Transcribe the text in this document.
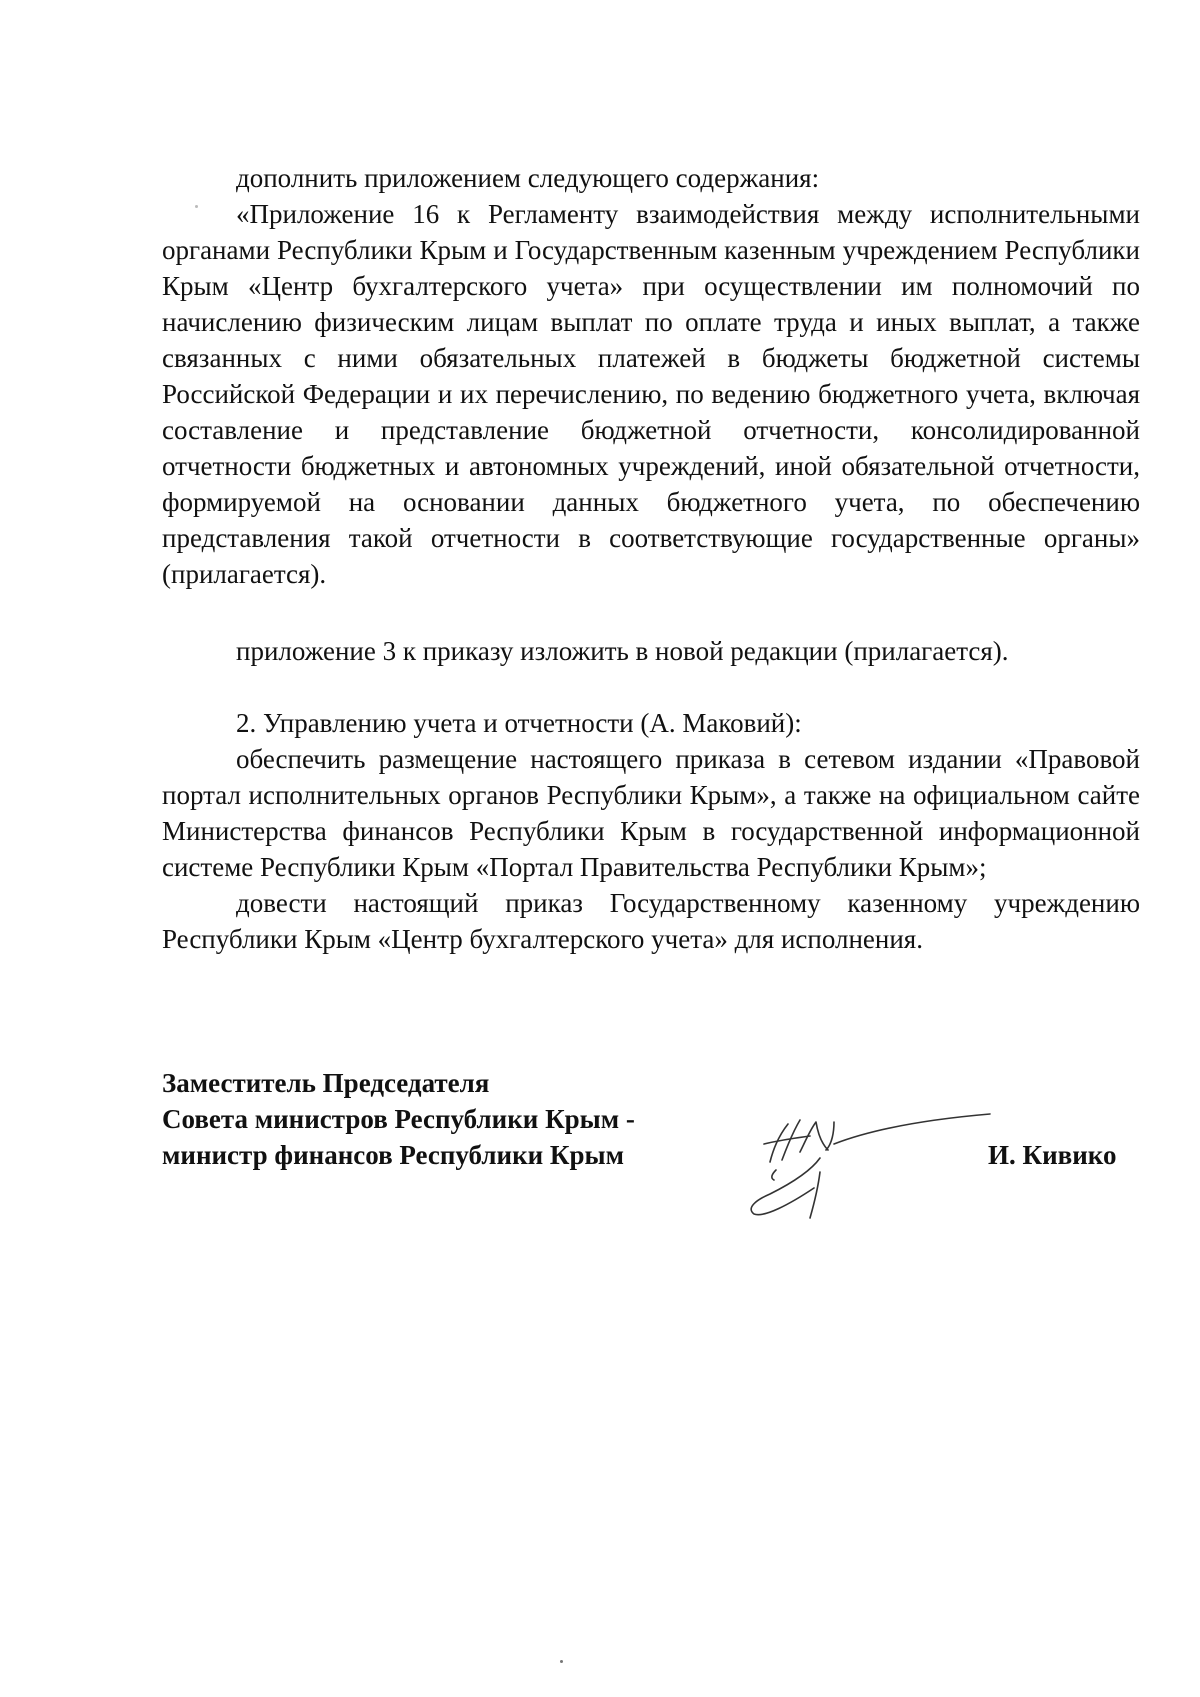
дополнить приложением следующего содержания:

«Приложение 16 к Регламенту взаимодействия между исполнительными органами Республики Крым и Государственным казенным учреждением Республики Крым «Центр бухгалтерского учета» при осуществлении им полномочий по начислению физическим лицам выплат по оплате труда и иных выплат, а также связанных с ними обязательных платежей в бюджеты бюджетной системы Российской Федерации и их перечислению, по ведению бюджетного учета, включая составление и представление бюджетной отчетности, консолидированной отчетности бюджетных и автономных учреждений, иной обязательной отчетности, формируемой на основании данных бюджетного учета, по обеспечению представления такой отчетности в соответствующие государственные органы» (прилагается).

приложение 3 к приказу изложить в новой редакции (прилагается).

2. Управлению учета и отчетности (А. Маковий):

обеспечить размещение настоящего приказа в сетевом издании «Правовой портал исполнительных органов Республики Крым», а также на официальном сайте Министерства финансов Республики Крым в государственной информационной системе Республики Крым «Портал Правительства Республики Крым»;

довести настоящий приказ Государственному казенному учреждению Республики Крым «Центр бухгалтерского учета» для исполнения.

Заместитель Председателя
Совета министров Республики Крым -
министр финансов Республики Крым	И. Кивико
